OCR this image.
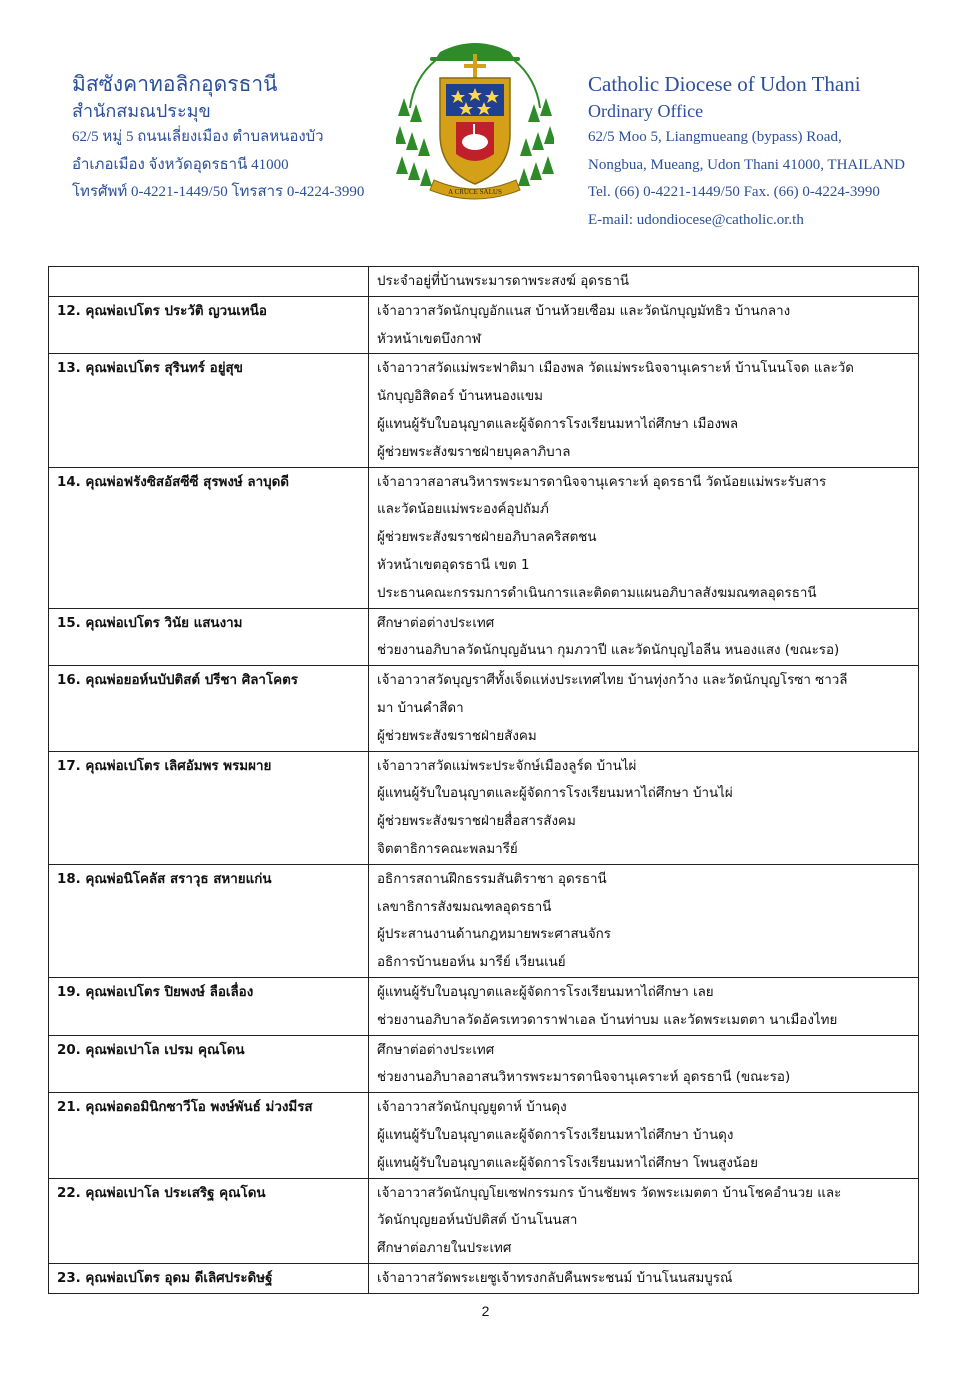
มิสซังคาทอลิกอุดรธานี
สำนักสมณประมุข
62/5 หมู่ 5 ถนนเลี่ยงเมือง ตำบลหนองบัว
อำเภอเมือง จังหวัดอุดรธานี 41000
โทรศัพท์ 0-4221-1449/50 โทรสาร 0-4224-3990	A CRUCE SALUS
Catholic Diocese of Udon Thani
Ordinary Office
62/5 Moo 5, Liangmueang (bypass) Road,
Nongbua, Mueang, Udon Thani 41000, THAILAND
Tel. (66) 0-4221-1449/50 Fax. (66) 0-4224-3990
E-mail: udondiocese@catholic.or.th

	ประจำอยู่ที่บ้านพระมารดาพระสงฆ์ อุดรธานี

12. คุณพ่อเปโตร ประวัติ ญวนเหนือ	เจ้าอาวาสวัดนักบุญอักแนส บ้านห้วยเซือม และวัดนักบุญมัทธิว บ้านกลาง
หัวหน้าเขตบึงกาฬ

13. คุณพ่อเปโตร สุรินทร์ อยู่สุข	เจ้าอาวาสวัดแม่พระฟาติมา เมืองพล วัดแม่พระนิจจานุเคราะห์ บ้านโนนโจด และวัด
นักบุญอิสิดอร์ บ้านหนองแขม
ผู้แทนผู้รับใบอนุญาตและผู้จัดการโรงเรียนมหาไถ่ศึกษา เมืองพล
ผู้ช่วยพระสังฆราชฝ่ายบุคลาภิบาล

14. คุณพ่อฟรังซิสอัสซีซี สุรพงษ์ ลาบุดดี	เจ้าอาวาสอาสนวิหารพระมารดานิจจานุเคราะห์ อุดรธานี วัดน้อยแม่พระรับสาร
และวัดน้อยแม่พระองค์อุปถัมภ์
ผู้ช่วยพระสังฆราชฝ่ายอภิบาลคริสตชน
หัวหน้าเขตอุดรธานี เขต 1
ประธานคณะกรรมการดำเนินการและติดตามแผนอภิบาลสังฆมณฑลอุดรธานี

15. คุณพ่อเปโตร วินัย แสนงาม	ศึกษาต่อต่างประเทศ
ช่วยงานอภิบาลวัดนักบุญอันนา กุมภวาปี และวัดนักบุญไอลีน หนองแสง (ขณะรอ)

16. คุณพ่อยอห์นบัปติสต์ ปรีชา ศิลาโคตร	เจ้าอาวาสวัดบุญราศีทั้งเจ็ดแห่งประเทศไทย บ้านทุ่งกว้าง และวัดนักบุญโรซา ซาวลี
มา บ้านคำสีดา
ผู้ช่วยพระสังฆราชฝ่ายสังคม

17. คุณพ่อเปโตร เลิศอัมพร พรมผาย	เจ้าอาวาสวัดแม่พระประจักษ์เมืองลูร์ด บ้านไผ่
ผู้แทนผู้รับใบอนุญาตและผู้จัดการโรงเรียนมหาไถ่ศึกษา บ้านไผ่
ผู้ช่วยพระสังฆราชฝ่ายสื่อสารสังคม
จิตตาธิการคณะพลมารีย์

18. คุณพ่อนิโคลัส สราวุธ สหายแก่น	อธิการสถานฝึกธรรมสันติราชา อุดรธานี
เลขาธิการสังฆมณฑลอุดรธานี
ผู้ประสานงานด้านกฎหมายพระศาสนจักร
อธิการบ้านยอห์น มารีย์ เวียนเนย์

19. คุณพ่อเปโตร ปิยพงษ์ ลือเลื่อง	ผู้แทนผู้รับใบอนุญาตและผู้จัดการโรงเรียนมหาไถ่ศึกษา เลย
ช่วยงานอภิบาลวัดอัครเทวดาราฟาเอล บ้านท่าบม และวัดพระเมตตา นาเมืองไทย

20. คุณพ่อเปาโล เปรม คุณโดน	ศึกษาต่อต่างประเทศ
ช่วยงานอภิบาลอาสนวิหารพระมารดานิจจานุเคราะห์ อุดรธานี (ขณะรอ)

21. คุณพ่อดอมินิกซาวีโอ พงษ์พันธ์ ม่วงมีรส	เจ้าอาวาสวัดนักบุญยูดาห์ บ้านดุง
ผู้แทนผู้รับใบอนุญาตและผู้จัดการโรงเรียนมหาไถ่ศึกษา บ้านดุง
ผู้แทนผู้รับใบอนุญาตและผู้จัดการโรงเรียนมหาไถ่ศึกษา โพนสูงน้อย

22. คุณพ่อเปาโล ประเสริฐ คุณโดน	เจ้าอาวาสวัดนักบุญโยเซฟกรรมกร บ้านชัยพร วัดพระเมตตา บ้านโชคอำนวย และ
วัดนักบุญยอห์นบัปติสต์ บ้านโนนสา
ศึกษาต่อภายในประเทศ

23. คุณพ่อเปโตร อุดม ดีเลิศประดิษฐ์	เจ้าอาวาสวัดพระเยซูเจ้าทรงกลับคืนพระชนม์ บ้านโนนสมบูรณ์
2
